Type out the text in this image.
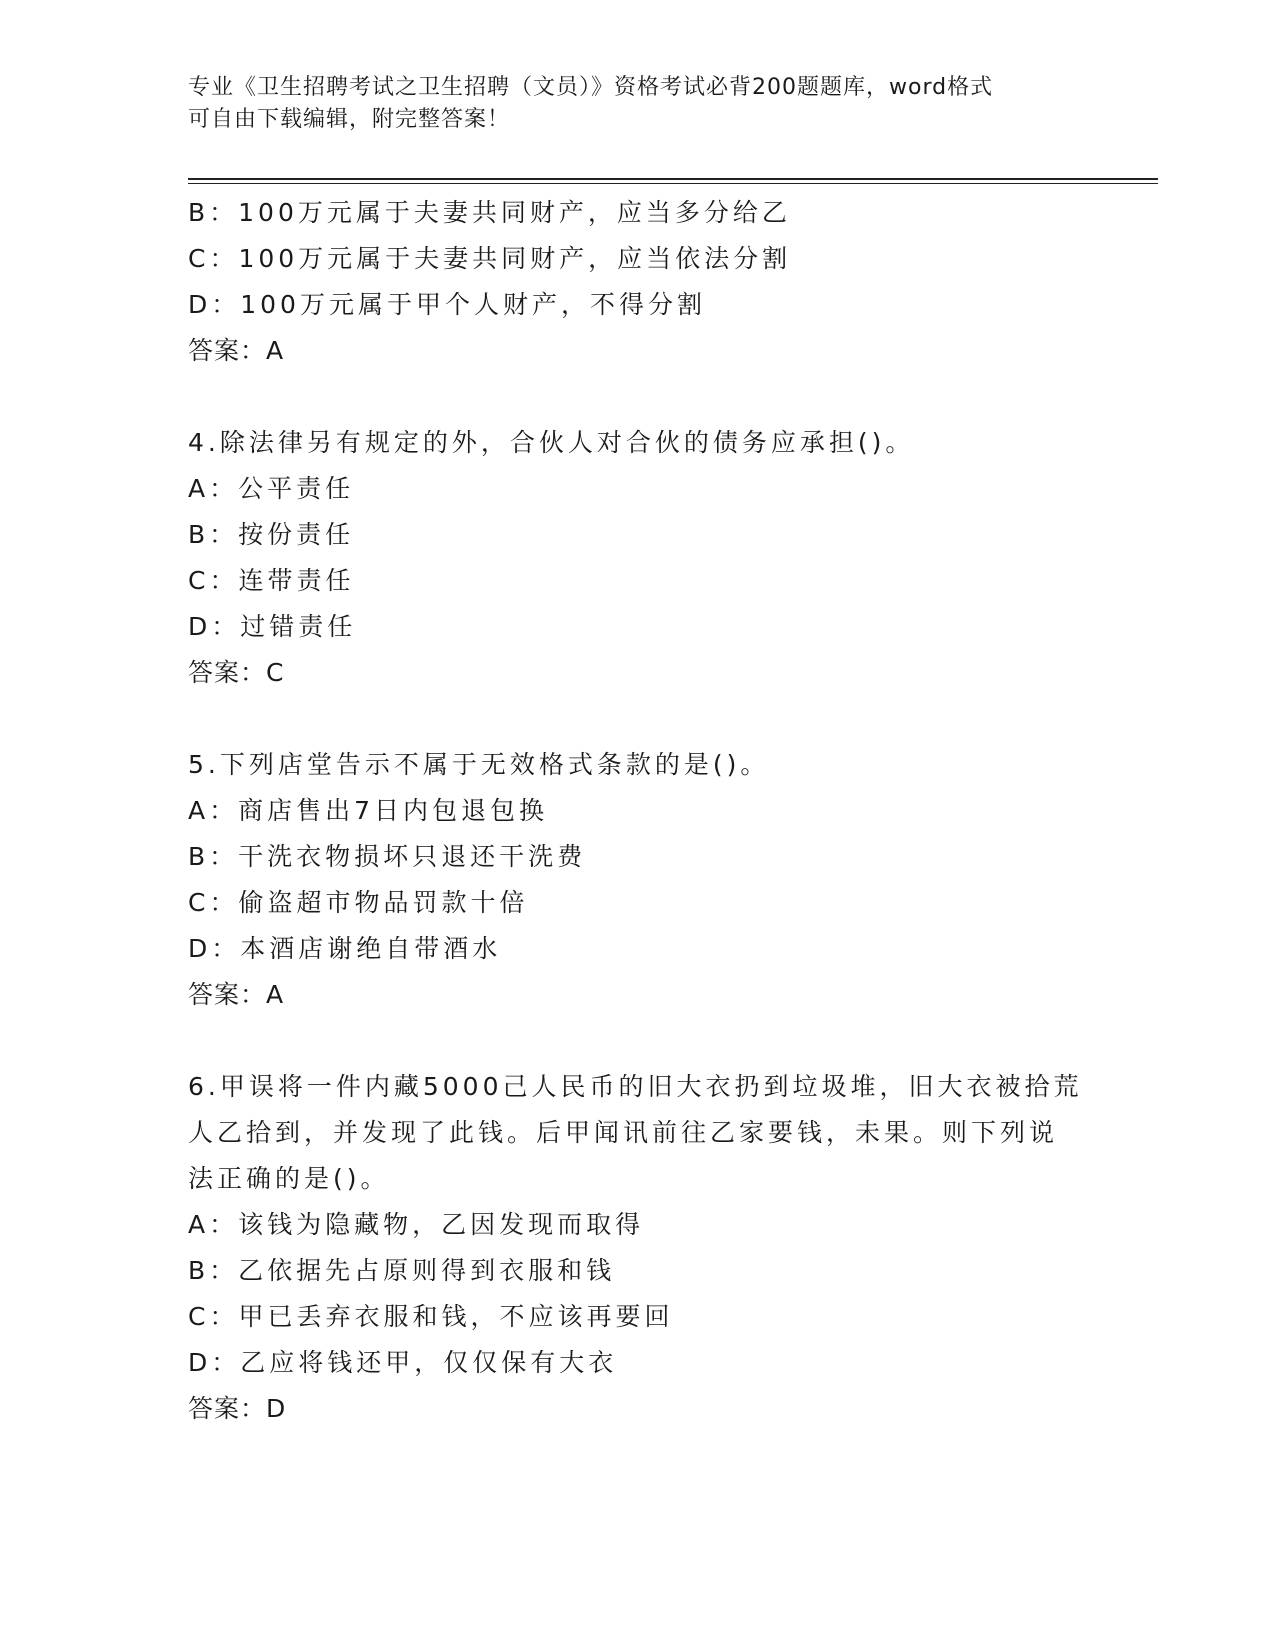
专业《卫生招聘考试之卫生招聘（文员）》资格考试必背200题题库，word格式
可自由下载编辑，附完整答案！
B：100万元属于夫妻共同财产，应当多分给乙
C：100万元属于夫妻共同财产，应当依法分割
D：100万元属于甲个人财产，不得分割
答案：A
4.除法律另有规定的外，合伙人对合伙的债务应承担()。
A：公平责任
B：按份责任
C：连带责任
D：过错责任
答案：C
5.下列店堂告示不属于无效格式条款的是()。
A：商店售出7日内包退包换
B：干洗衣物损坏只退还干洗费
C：偷盗超市物品罚款十倍
D：本酒店谢绝自带酒水
答案：A
6.甲误将一件内藏5000己人民币的旧大衣扔到垃圾堆，旧大衣被拾荒
人乙拾到，并发现了此钱。后甲闻讯前往乙家要钱，未果。则下列说
法正确的是()。
A：该钱为隐藏物，乙因发现而取得
B：乙依据先占原则得到衣服和钱
C：甲已丢弃衣服和钱，不应该再要回
D：乙应将钱还甲，仅仅保有大衣
答案：D
